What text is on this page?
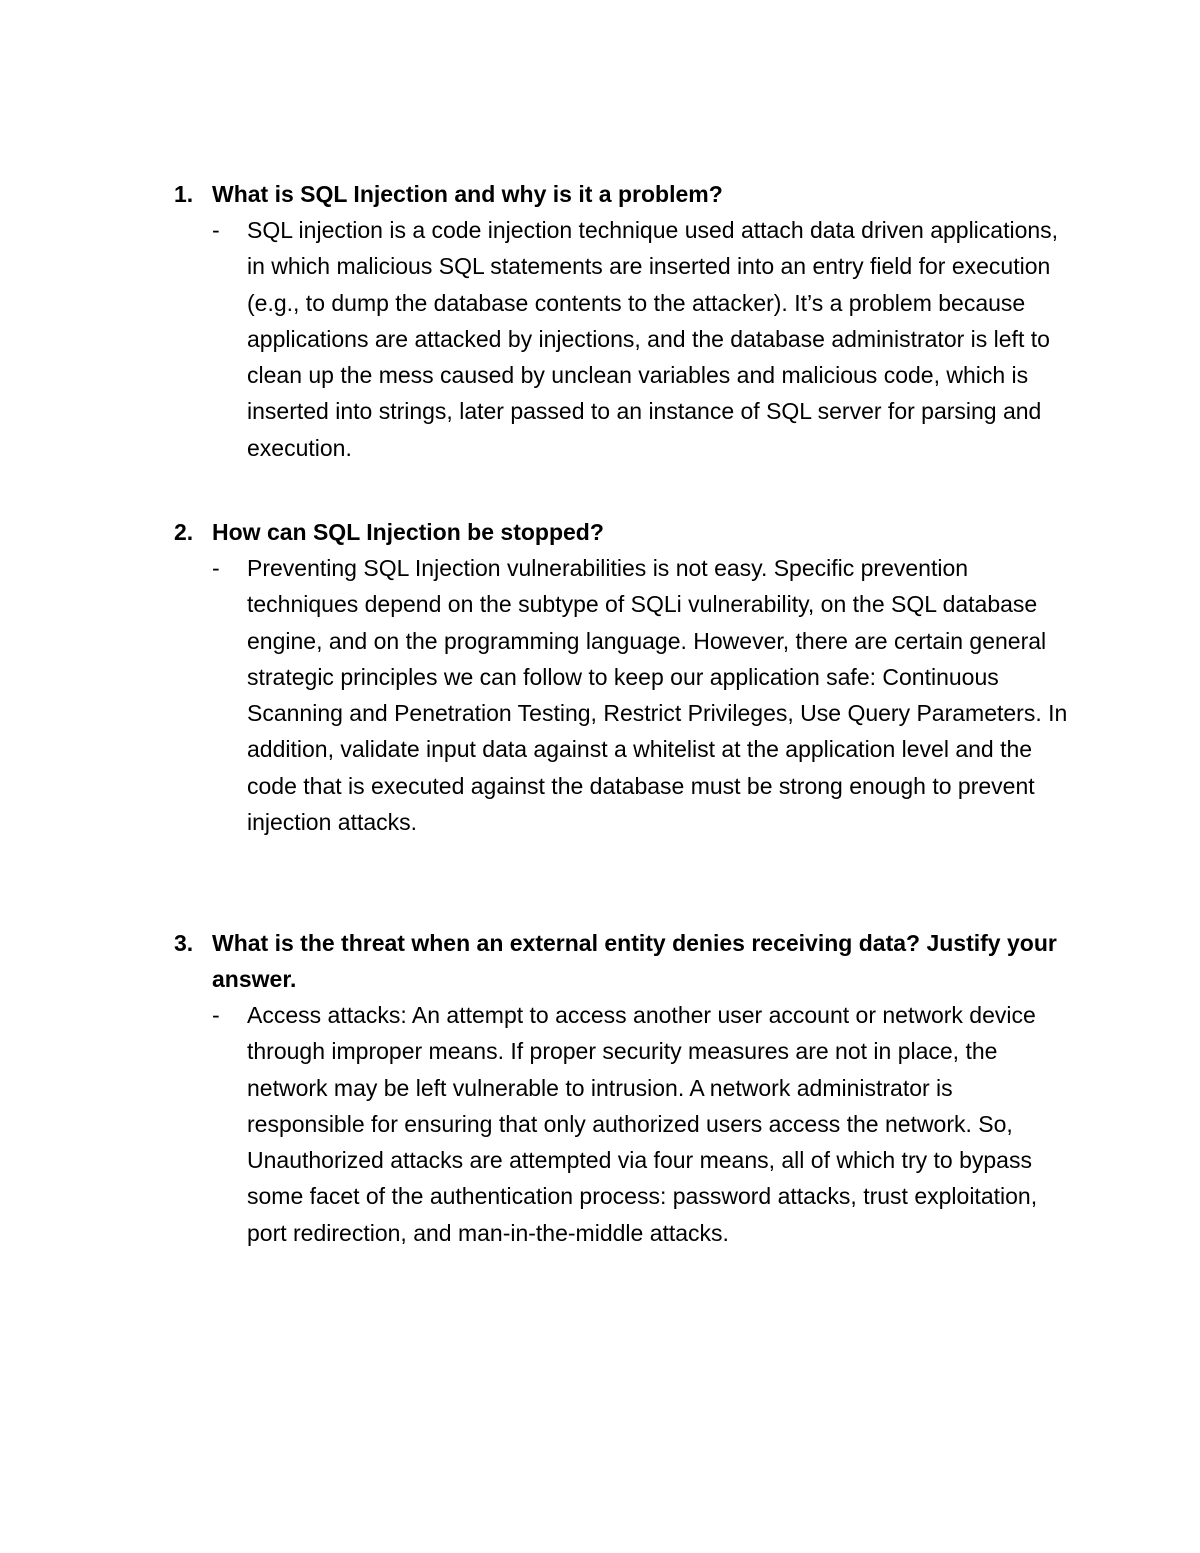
1. What is SQL Injection and why is it a problem?
-	SQL injection is a code injection technique used attach data driven applications, in which malicious SQL statements are inserted into an entry field for execution (e.g., to dump the database contents to the attacker). It’s a problem because applications are attacked by injections, and the database administrator is left to clean up the mess caused by unclean variables and malicious code, which is inserted into strings, later passed to an instance of SQL server for parsing and execution.
2. How can SQL Injection be stopped?
-	Preventing SQL Injection vulnerabilities is not easy. Specific prevention techniques depend on the subtype of SQLi vulnerability, on the SQL database engine, and on the programming language. However, there are certain general strategic principles we can follow to keep our application safe: Continuous Scanning and Penetration Testing, Restrict Privileges, Use Query Parameters. In addition, validate input data against a whitelist at the application level and the code that is executed against the database must be strong enough to prevent injection attacks.
3. What is the threat when an external entity denies receiving data? Justify your answer.
-	Access attacks: An attempt to access another user account or network device through improper means. If proper security measures are not in place, the network may be left vulnerable to intrusion. A network administrator is responsible for ensuring that only authorized users access the network. So, Unauthorized attacks are attempted via four means, all of which try to bypass some facet of the authentication process: password attacks, trust exploitation, port redirection, and man-in-the-middle attacks.
